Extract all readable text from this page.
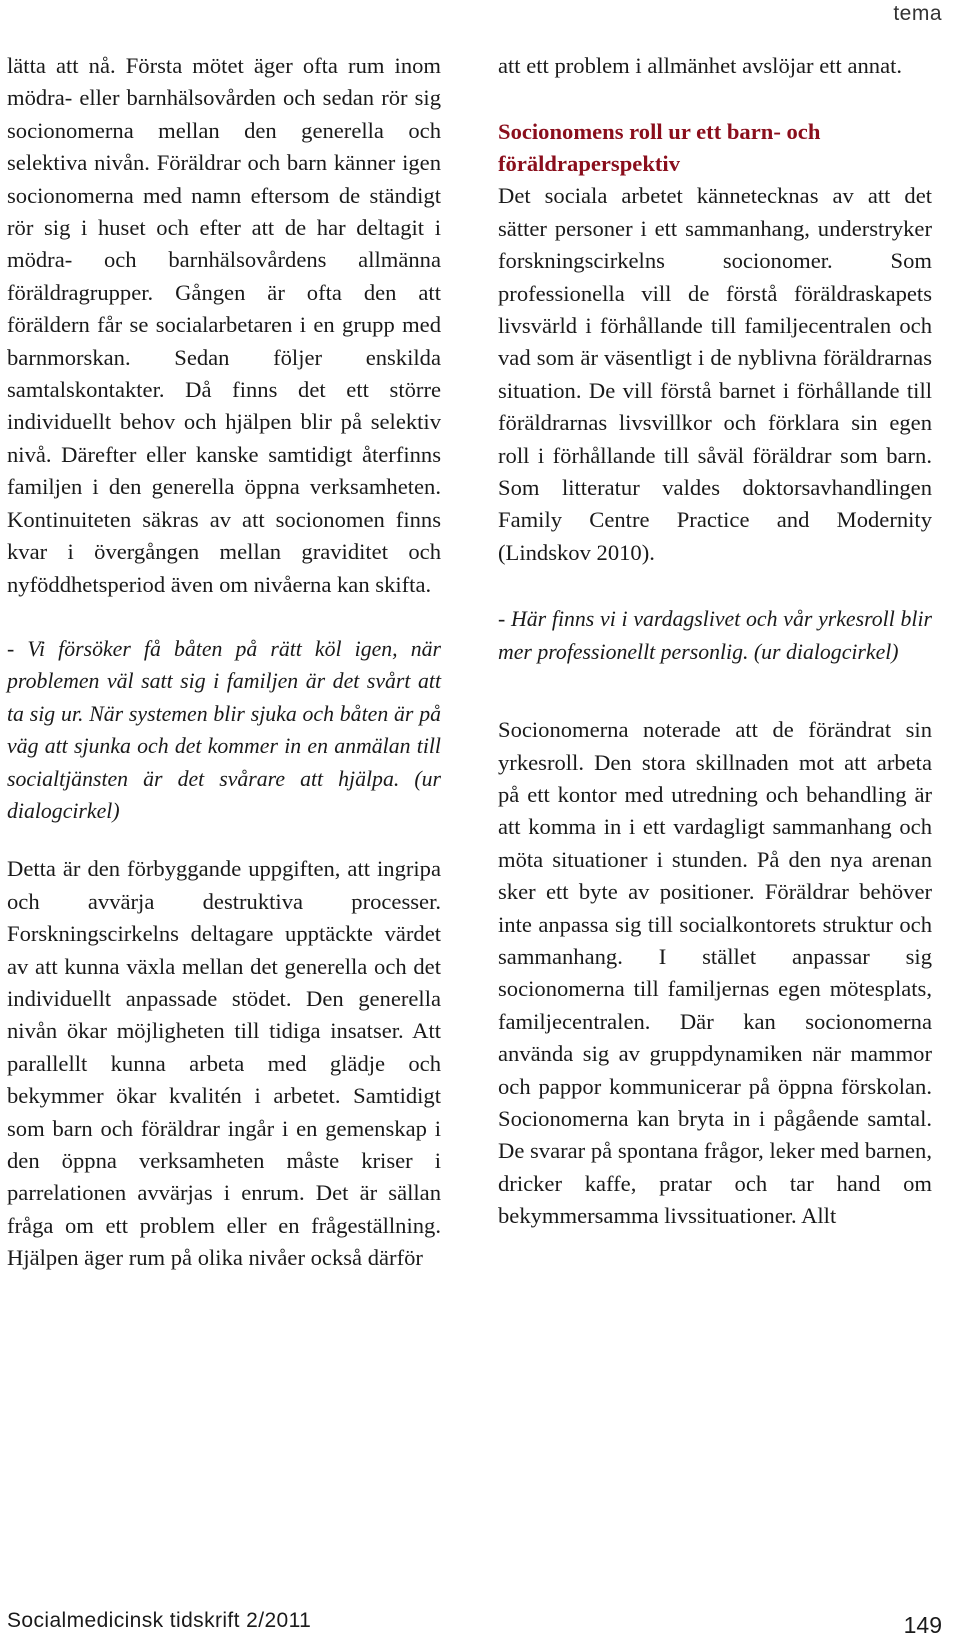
tema

lätta att nå. Första mötet äger ofta rum inom mödra- eller barnhälsovården och sedan rör sig socionomerna mellan den generella och selektiva nivån. Föräldrar och barn känner igen socionomerna med namn eftersom de ständigt rör sig i huset och efter att de har deltagit i mödra- och barnhälsovårdens allmänna föräldragrupper. Gången är ofta den att föräldern får se socialarbetaren i en grupp med barnmorskan. Sedan följer enskilda samtalskontakter. Då finns det ett större individuellt behov och hjälpen blir på selektiv nivå. Därefter eller kanske samtidigt återfinns familjen i den generella öppna verksamheten. Kontinuiteten säkras av att socionomen finns kvar i övergången mellan graviditet och nyföddhetsperiod även om nivåerna kan skifta.

- Vi försöker få båten på rätt köl igen, när problemen väl satt sig i familjen är det svårt att ta sig ur. När systemen blir sjuka och båten är på väg att sjunka och det kommer in en anmälan till socialtjänsten är det svårare att hjälpa. (ur dialogcirkel)

Detta är den förbyggande uppgiften, att ingripa och avvärja destruktiva processer. Forskningscirkelns deltagare upptäckte värdet av att kunna växla mellan det generella och det individuellt anpassade stödet. Den generella nivån ökar möjligheten till tidiga insatser. Att parallellt kunna arbeta med glädje och bekymmer ökar kvalitén i arbetet. Samtidigt som barn och föräldrar ingår i en gemenskap i den öppna verksamheten måste kriser i parrelationen avvärjas i enrum. Det är sällan fråga om ett problem eller en frågeställning. Hjälpen äger rum på olika nivåer också därför

att ett problem i allmänhet avslöjar ett annat.

Socionomens roll ur ett barn- och föräldraperspektiv

Det sociala arbetet kännetecknas av att det sätter personer i ett sammanhang, understryker forskningscirkelns socionomer. Som professionella vill de förstå föräldraskapets livsvärld i förhållande till familjecentralen och vad som är väsentligt i de nyblivna föräldrarnas situation. De vill förstå barnet i förhållande till föräldrarnas livsvillkor och förklara sin egen roll i förhållande till såväl föräldrar som barn. Som litteratur valdes doktorsavhandlingen Family Centre Practice and Modernity (Lindskov 2010).

- Här finns vi i vardagslivet och vår yrkesroll blir mer professionellt personlig. (ur dialogcirkel)

Socionomerna noterade att de förändrat sin yrkesroll. Den stora skillnaden mot att arbeta på ett kontor med utredning och behandling är att komma in i ett vardagligt sammanhang och möta situationer i stunden. På den nya arenan sker ett byte av positioner. Föräldrar behöver inte anpassa sig till socialkontorets struktur och sammanhang. I stället anpassar sig socionomerna till familjernas egen mötesplats, familjecentralen. Där kan socionomerna använda sig av gruppdynamiken när mammor och pappor kommunicerar på öppna förskolan. Socionomerna kan bryta in i pågående samtal. De svarar på spontana frågor, leker med barnen, dricker kaffe, pratar och tar hand om bekymmersamma livssituationer. Allt

Socialmedicinsk tidskrift 2/2011	149
